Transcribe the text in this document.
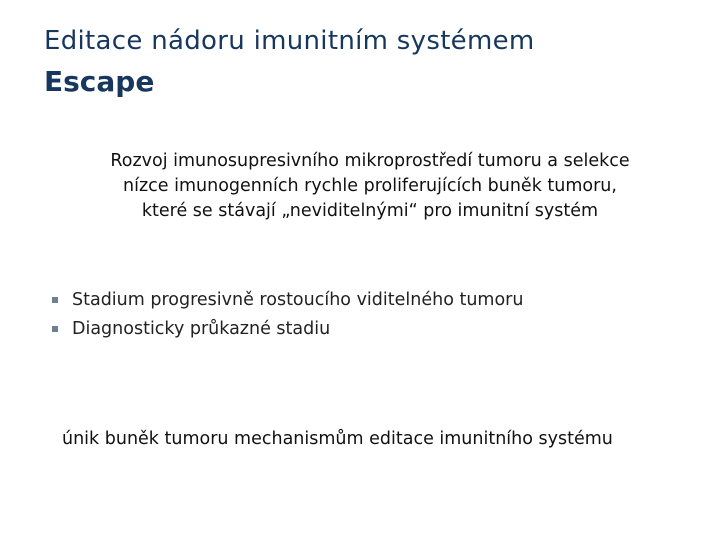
Editace nádoru imunitním systémem
Escape
Rozvoj imunosupresivního mikroprostředí tumoru a selekce
nízce imunogenních rychle proliferujících buněk tumoru,
které se stávají „neviditelnými“ pro imunitní systém
Stadium progresivně rostoucího viditelného tumoru
Diagnosticky průkazné stadiu
únik buněk tumoru mechanismům editace imunitního systému
